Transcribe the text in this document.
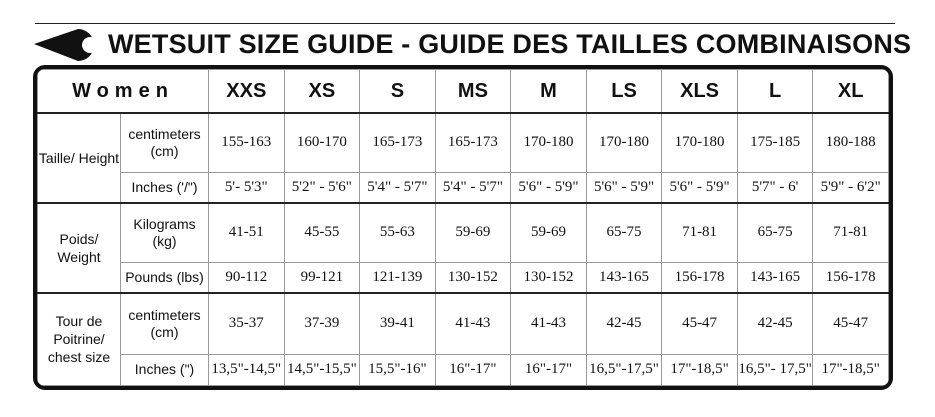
WETSUIT SIZE GUIDE - GUIDE DES TAILLES COMBINAISONS
Women		XXS	XS	S	MS	M	LS	XLS	L	XL
Taille/ Height	centimeters (cm)	155-163	160-170	165-173	165-173	170-180	170-180	170-180	175-185	180-188
	Inches ('/")	5'- 5'3"	5'2" - 5'6"	5'4" - 5'7"	5'4" - 5'7"	5'6" - 5'9"	5'6" - 5'9"	5'6" - 5'9"	5'7" - 6'	5'9" - 6'2"
Poids/ Weight	Kilograms (kg)	41-51	45-55	55-63	59-69	59-69	65-75	71-81	65-75	71-81
	Pounds (lbs)	90-112	99-121	121-139	130-152	130-152	143-165	156-178	143-165	156-178
Tour de Poitrine/ chest size	centimeters (cm)	35-37	37-39	39-41	41-43	41-43	42-45	45-47	42-45	45-47
	Inches (")	13,5"-14,5"	14,5"-15,5"	15,5"-16"	16"-17"	16"-17"	16,5"-17,5"	17"-18,5"	16,5"- 17,5"	17"-18,5"
